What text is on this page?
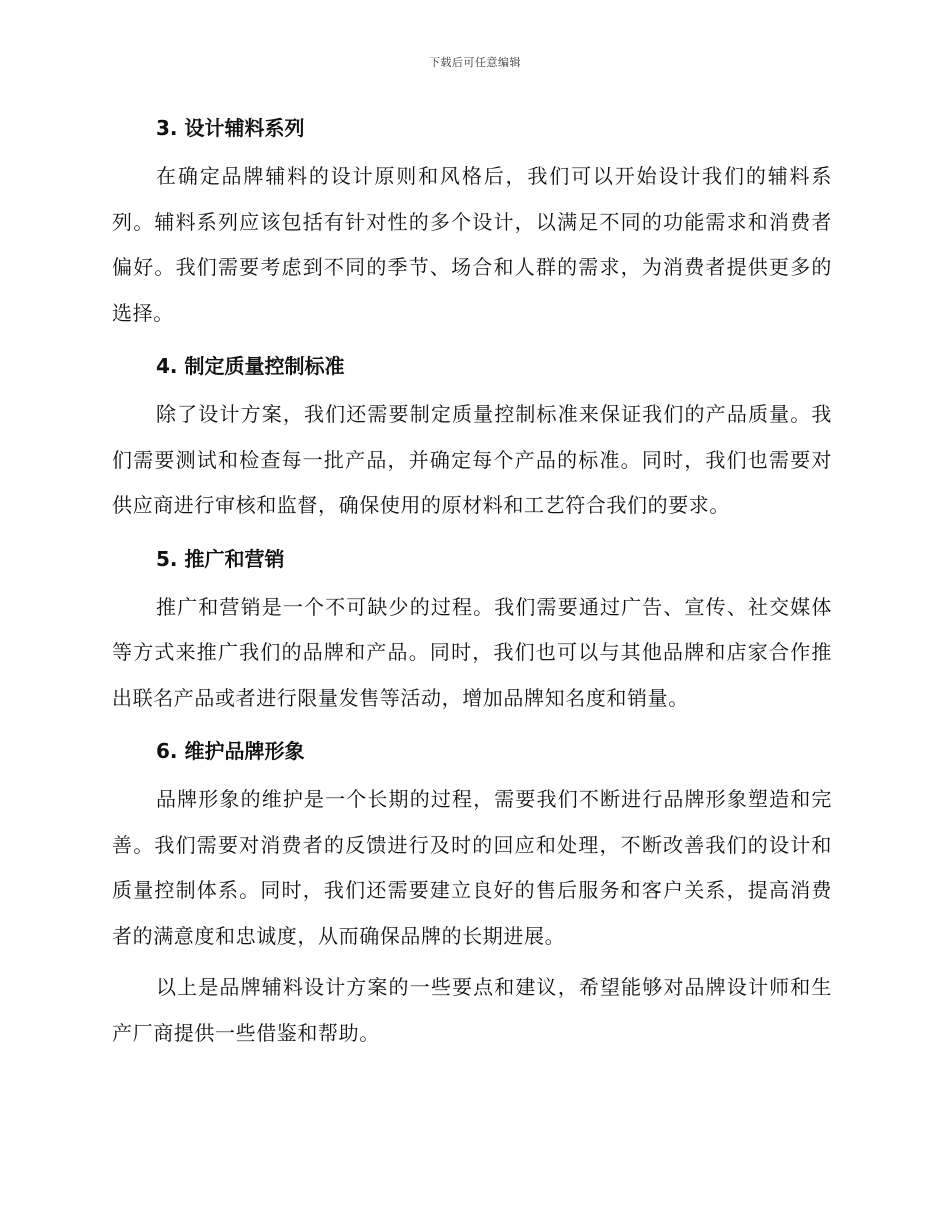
下载后可任意编辑
3. 设计辅料系列

在确定品牌辅料的设计原则和风格后，我们可以开始设计我们的辅料系列。辅料系列应该包括有针对性的多个设计，以满足不同的功能需求和消费者偏好。我们需要考虑到不同的季节、场合和人群的需求，为消费者提供更多的选择。

4. 制定质量控制标准

除了设计方案，我们还需要制定质量控制标准来保证我们的产品质量。我们需要测试和检查每一批产品，并确定每个产品的标准。同时，我们也需要对供应商进行审核和监督，确保使用的原材料和工艺符合我们的要求。

5. 推广和营销

推广和营销是一个不可缺少的过程。我们需要通过广告、宣传、社交媒体等方式来推广我们的品牌和产品。同时，我们也可以与其他品牌和店家合作推出联名产品或者进行限量发售等活动，增加品牌知名度和销量。

6. 维护品牌形象

品牌形象的维护是一个长期的过程，需要我们不断进行品牌形象塑造和完善。我们需要对消费者的反馈进行及时的回应和处理，不断改善我们的设计和质量控制体系。同时，我们还需要建立良好的售后服务和客户关系，提高消费者的满意度和忠诚度，从而确保品牌的长期进展。

以上是品牌辅料设计方案的一些要点和建议，希望能够对品牌设计师和生产厂商提供一些借鉴和帮助。
